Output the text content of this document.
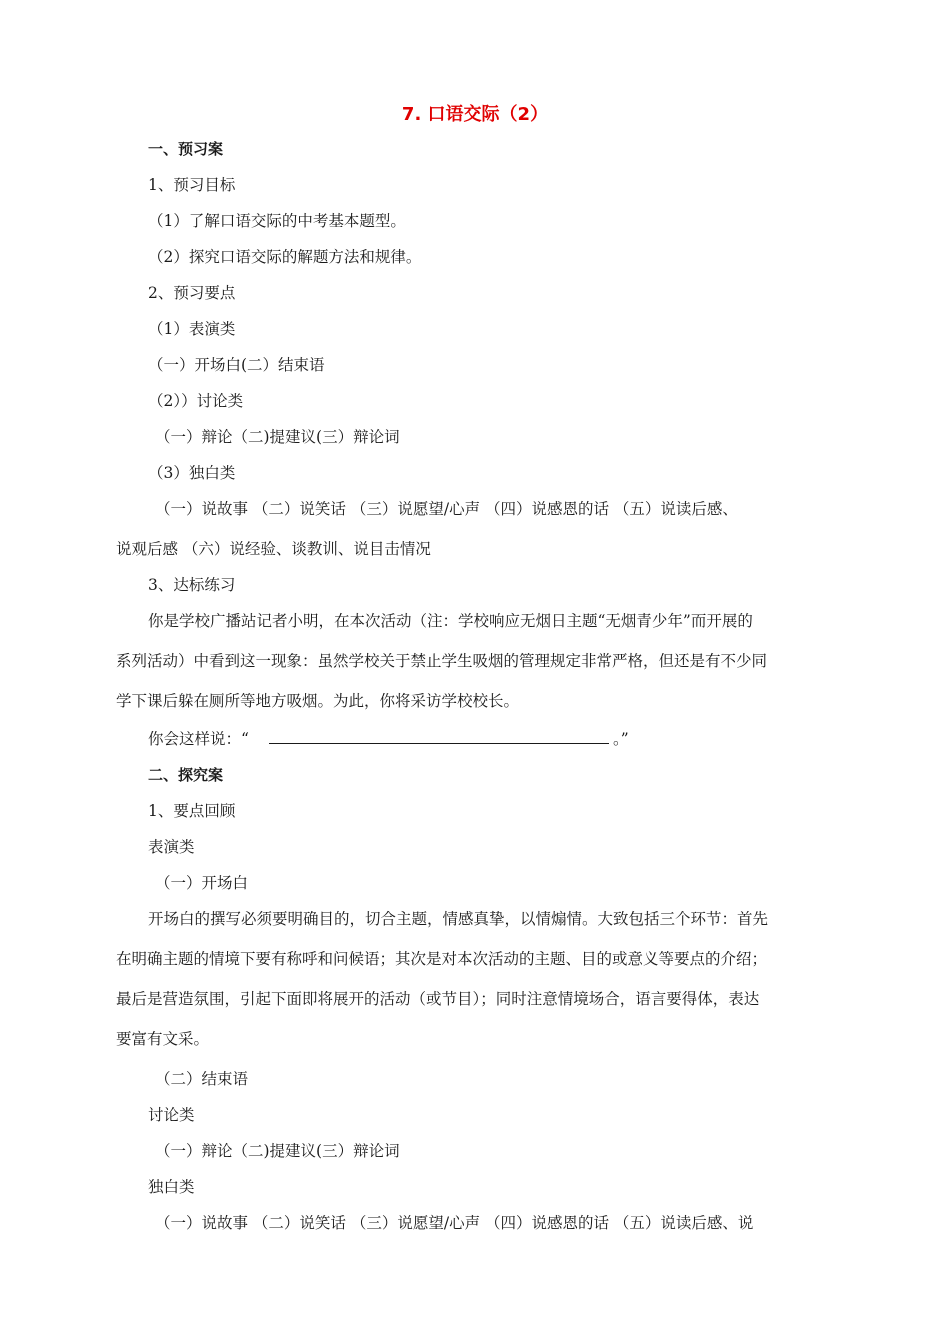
7. 口语交际（2）
一、预习案
1、预习目标
（1）了解口语交际的中考基本题型。
（2）探究口语交际的解题方法和规律。
2、预习要点
（1）表演类
（一）开场白(二）结束语
（2））讨论类
（一）辩论（二)提建议(三）辩论词
（3）独白类
（一）说故事 （二）说笑话 （三）说愿望/心声 （四）说感恩的话 （五）说读后感、
说观后感 （六）说经验、谈教训、说目击情况
3、达标练习
你是学校广播站记者小明，在本次活动（注：学校响应无烟日主题“无烟青少年”而开展的
系列活动）中看到这一现象：虽然学校关于禁止学生吸烟的管理规定非常严格，但还是有不少同
学下课后躲在厕所等地方吸烟。为此，你将采访学校校长。
你会这样说：“	。”
二、探究案
1、要点回顾
表演类
（一）开场白
开场白的撰写必须要明确目的，切合主题，情感真挚，以情煽情。大致包括三个环节：首先
在明确主题的情境下要有称呼和问候语；其次是对本次活动的主题、目的或意义等要点的介绍；
最后是营造氛围，引起下面即将展开的活动（或节目）；同时注意情境场合，语言要得体，表达
要富有文采。
（二）结束语
讨论类
（一）辩论（二)提建议(三）辩论词
独白类
（一）说故事 （二）说笑话 （三）说愿望/心声 （四）说感恩的话 （五）说读后感、说
